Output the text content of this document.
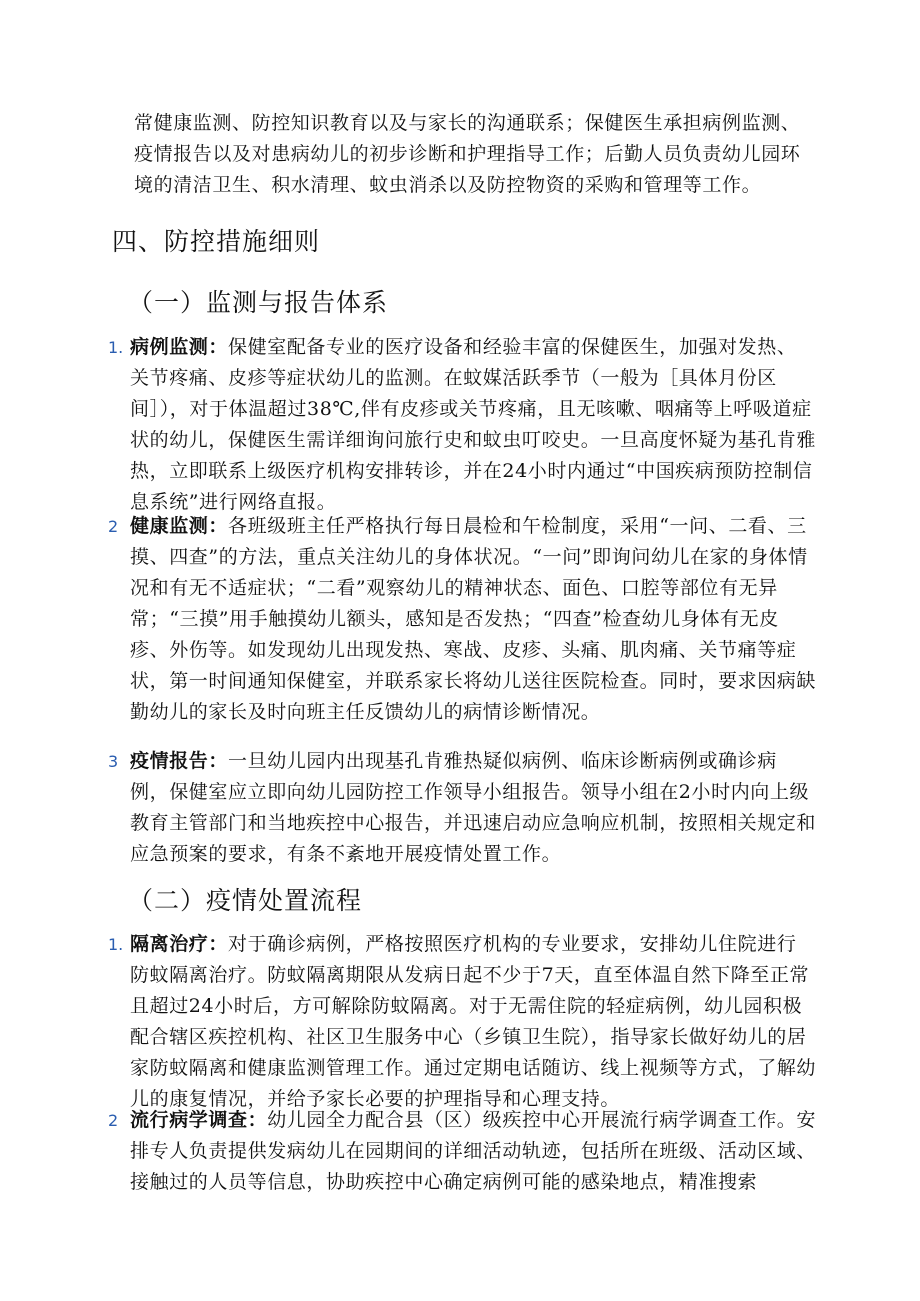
常健康监测、防控知识教育以及与家长的沟通联系；保健医生承担病例监测、疫情报告以及对患病幼儿的初步诊断和护理指导工作；后勤人员负责幼儿园环境的清洁卫生、积水清理、蚊虫消杀以及防控物资的采购和管理等工作。

四、防控措施细则
（一）监测与报告体系
1. 病例监测：保健室配备专业的医疗设备和经验丰富的保健医生，加强对发热、关节疼痛、皮疹等症状幼儿的监测。在蚊媒活跃季节（一般为［具体月份区间］），对于体温超过38℃,伴有皮疹或关节疼痛，且无咳嗽、咽痛等上呼吸道症状的幼儿，保健医生需详细询问旅行史和蚊虫叮咬史。一旦高度怀疑为基孔肯雅热，立即联系上级医疗机构安排转诊，并在24小时内通过“中国疾病预防控制信息系统”进行网络直报。

2 健康监测：各班级班主任严格执行每日晨检和午检制度，采用“一问、二看、三摸、四查”的方法，重点关注幼儿的身体状况。“一问”即询问幼儿在家的身体情况和有无不适症状；“二看”观察幼儿的精神状态、面色、口腔等部位有无异常；“三摸”用手触摸幼儿额头，感知是否发热；“四查”检查幼儿身体有无皮疹、外伤等。如发现幼儿出现发热、寒战、皮疹、头痛、肌肉痛、关节痛等症状，第一时间通知保健室，并联系家长将幼儿送往医院检查。同时，要求因病缺勤幼儿的家长及时向班主任反馈幼儿的病情诊断情况。

3 疫情报告：一旦幼儿园内出现基孔肯雅热疑似病例、临床诊断病例或确诊病例，保健室应立即向幼儿园防控工作领导小组报告。领导小组在2小时内向上级教育主管部门和当地疾控中心报告，并迅速启动应急响应机制，按照相关规定和应急预案的要求，有条不紊地开展疫情处置工作。

（二）疫情处置流程
1. 隔离治疗：对于确诊病例，严格按照医疗机构的专业要求，安排幼儿住院进行防蚊隔离治疗。防蚊隔离期限从发病日起不少于7天，直至体温自然下降至正常且超过24小时后，方可解除防蚊隔离。对于无需住院的轻症病例，幼儿园积极配合辖区疾控机构、社区卫生服务中心（乡镇卫生院），指导家长做好幼儿的居家防蚊隔离和健康监测管理工作。通过定期电话随访、线上视频等方式，了解幼儿的康复情况，并给予家长必要的护理指导和心理支持。

2 流行病学调查：幼儿园全力配合县（区）级疾控中心开展流行病学调查工作。安排专人负责提供发病幼儿在园期间的详细活动轨迹，包括所在班级、活动区域、接触过的人员等信息，协助疾控中心确定病例可能的感染地点，精准搜索
